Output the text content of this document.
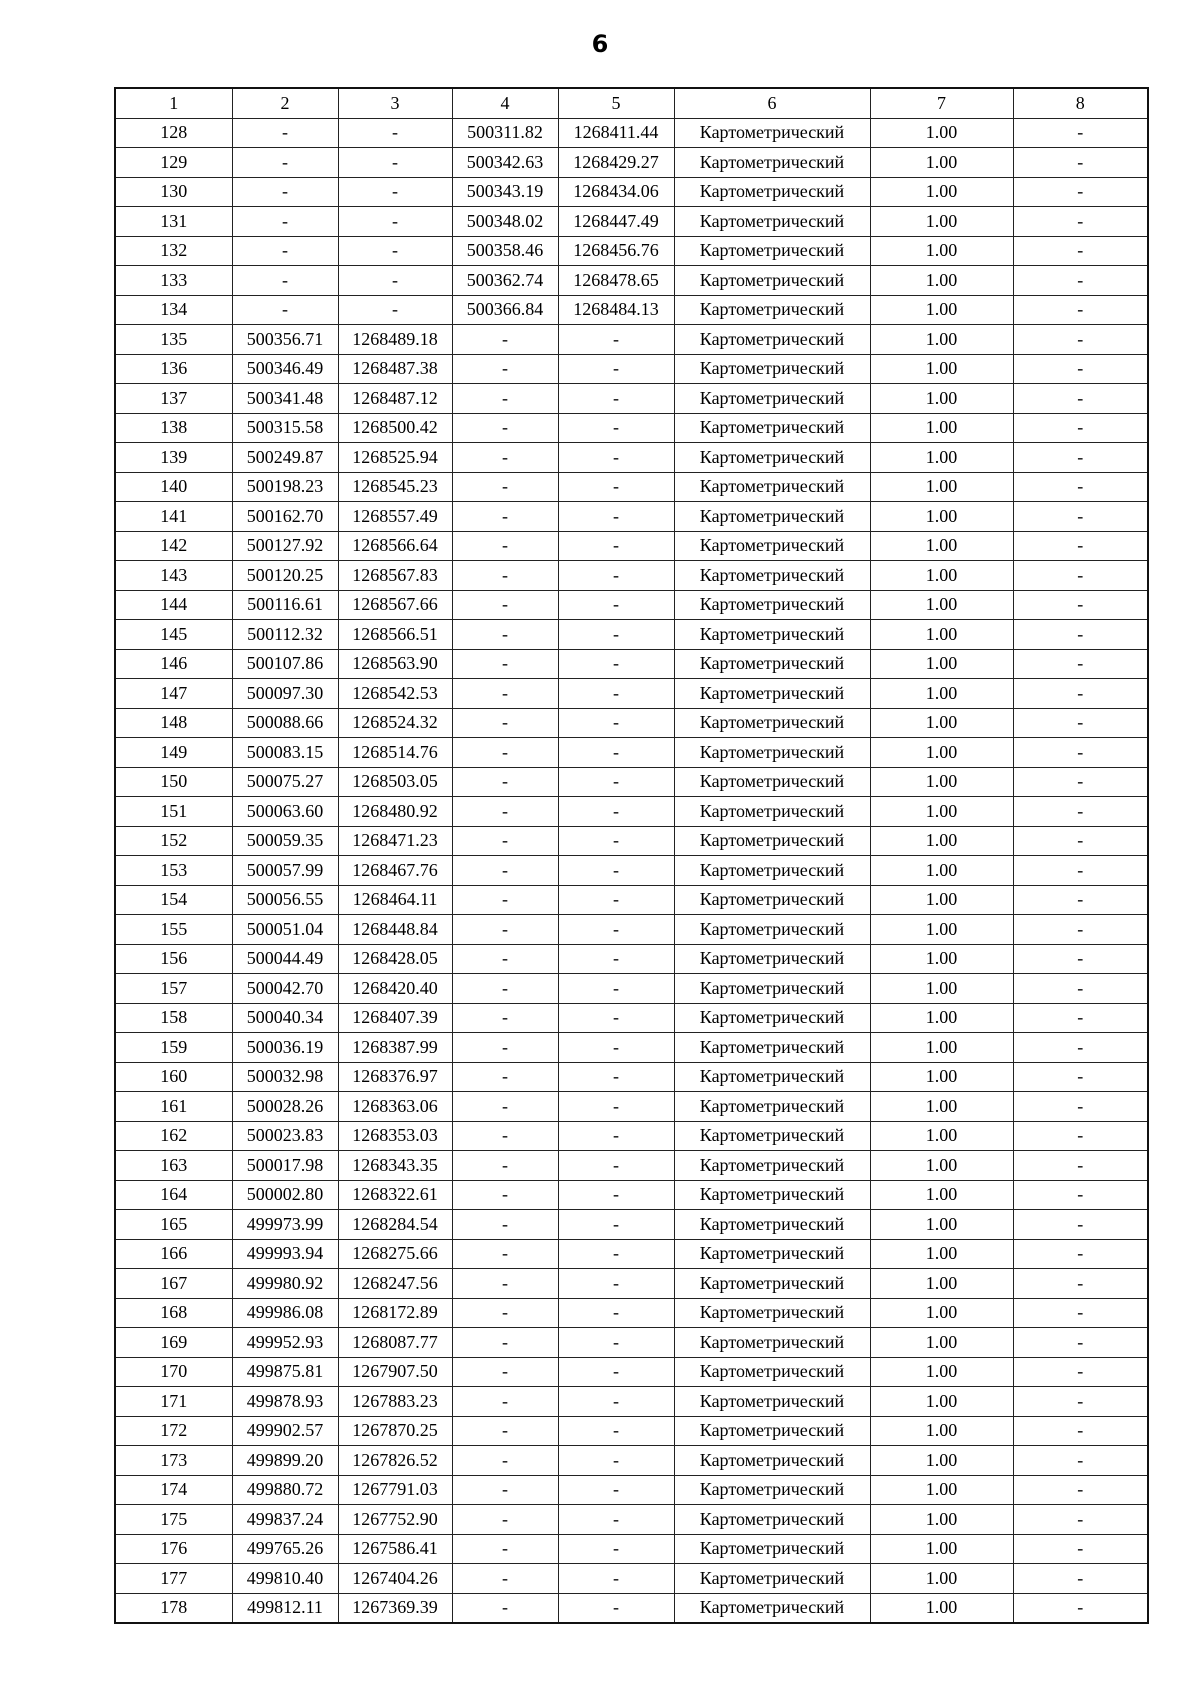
6
1	2	3	4	5	6	7	8
128	-	-	500311.82	1268411.44	Картометрический	1.00	-
129	-	-	500342.63	1268429.27	Картометрический	1.00	-
130	-	-	500343.19	1268434.06	Картометрический	1.00	-
131	-	-	500348.02	1268447.49	Картометрический	1.00	-
132	-	-	500358.46	1268456.76	Картометрический	1.00	-
133	-	-	500362.74	1268478.65	Картометрический	1.00	-
134	-	-	500366.84	1268484.13	Картометрический	1.00	-
135	500356.71	1268489.18	-	-	Картометрический	1.00	-
136	500346.49	1268487.38	-	-	Картометрический	1.00	-
137	500341.48	1268487.12	-	-	Картометрический	1.00	-
138	500315.58	1268500.42	-	-	Картометрический	1.00	-
139	500249.87	1268525.94	-	-	Картометрический	1.00	-
140	500198.23	1268545.23	-	-	Картометрический	1.00	-
141	500162.70	1268557.49	-	-	Картометрический	1.00	-
142	500127.92	1268566.64	-	-	Картометрический	1.00	-
143	500120.25	1268567.83	-	-	Картометрический	1.00	-
144	500116.61	1268567.66	-	-	Картометрический	1.00	-
145	500112.32	1268566.51	-	-	Картометрический	1.00	-
146	500107.86	1268563.90	-	-	Картометрический	1.00	-
147	500097.30	1268542.53	-	-	Картометрический	1.00	-
148	500088.66	1268524.32	-	-	Картометрический	1.00	-
149	500083.15	1268514.76	-	-	Картометрический	1.00	-
150	500075.27	1268503.05	-	-	Картометрический	1.00	-
151	500063.60	1268480.92	-	-	Картометрический	1.00	-
152	500059.35	1268471.23	-	-	Картометрический	1.00	-
153	500057.99	1268467.76	-	-	Картометрический	1.00	-
154	500056.55	1268464.11	-	-	Картометрический	1.00	-
155	500051.04	1268448.84	-	-	Картометрический	1.00	-
156	500044.49	1268428.05	-	-	Картометрический	1.00	-
157	500042.70	1268420.40	-	-	Картометрический	1.00	-
158	500040.34	1268407.39	-	-	Картометрический	1.00	-
159	500036.19	1268387.99	-	-	Картометрический	1.00	-
160	500032.98	1268376.97	-	-	Картометрический	1.00	-
161	500028.26	1268363.06	-	-	Картометрический	1.00	-
162	500023.83	1268353.03	-	-	Картометрический	1.00	-
163	500017.98	1268343.35	-	-	Картометрический	1.00	-
164	500002.80	1268322.61	-	-	Картометрический	1.00	-
165	499973.99	1268284.54	-	-	Картометрический	1.00	-
166	499993.94	1268275.66	-	-	Картометрический	1.00	-
167	499980.92	1268247.56	-	-	Картометрический	1.00	-
168	499986.08	1268172.89	-	-	Картометрический	1.00	-
169	499952.93	1268087.77	-	-	Картометрический	1.00	-
170	499875.81	1267907.50	-	-	Картометрический	1.00	-
171	499878.93	1267883.23	-	-	Картометрический	1.00	-
172	499902.57	1267870.25	-	-	Картометрический	1.00	-
173	499899.20	1267826.52	-	-	Картометрический	1.00	-
174	499880.72	1267791.03	-	-	Картометрический	1.00	-
175	499837.24	1267752.90	-	-	Картометрический	1.00	-
176	499765.26	1267586.41	-	-	Картометрический	1.00	-
177	499810.40	1267404.26	-	-	Картометрический	1.00	-
178	499812.11	1267369.39	-	-	Картометрический	1.00	-
